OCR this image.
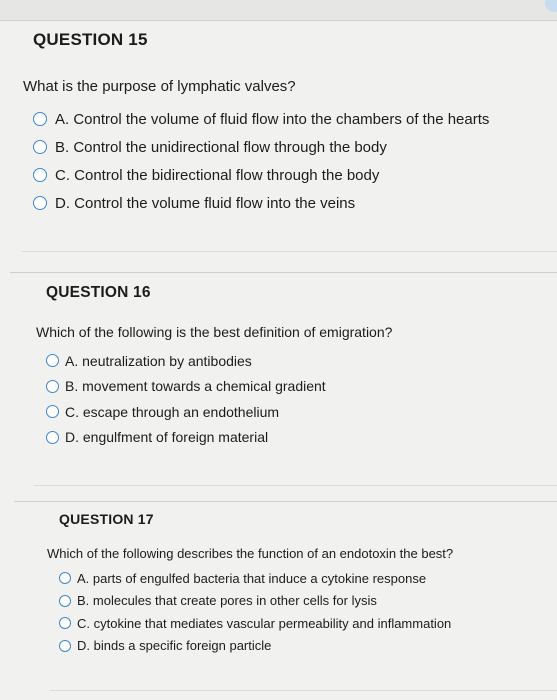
QUESTION 15
What is the purpose of lymphatic valves?
A. Control the volume of fluid flow into the chambers of the hearts
B. Control the unidirectional flow through the body
C. Control the bidirectional flow through the body
D. Control the volume fluid flow into the veins
QUESTION 16
Which of the following is the best definition of emigration?
A. neutralization by antibodies
B. movement towards a chemical gradient
C. escape through an endothelium
D. engulfment of foreign material
QUESTION 17
Which of the following describes the function of an endotoxin the best?
A. parts of engulfed bacteria that induce a cytokine response
B. molecules that create pores in other cells for lysis
C. cytokine that mediates vascular permeability and inflammation
D. binds a specific foreign particle
